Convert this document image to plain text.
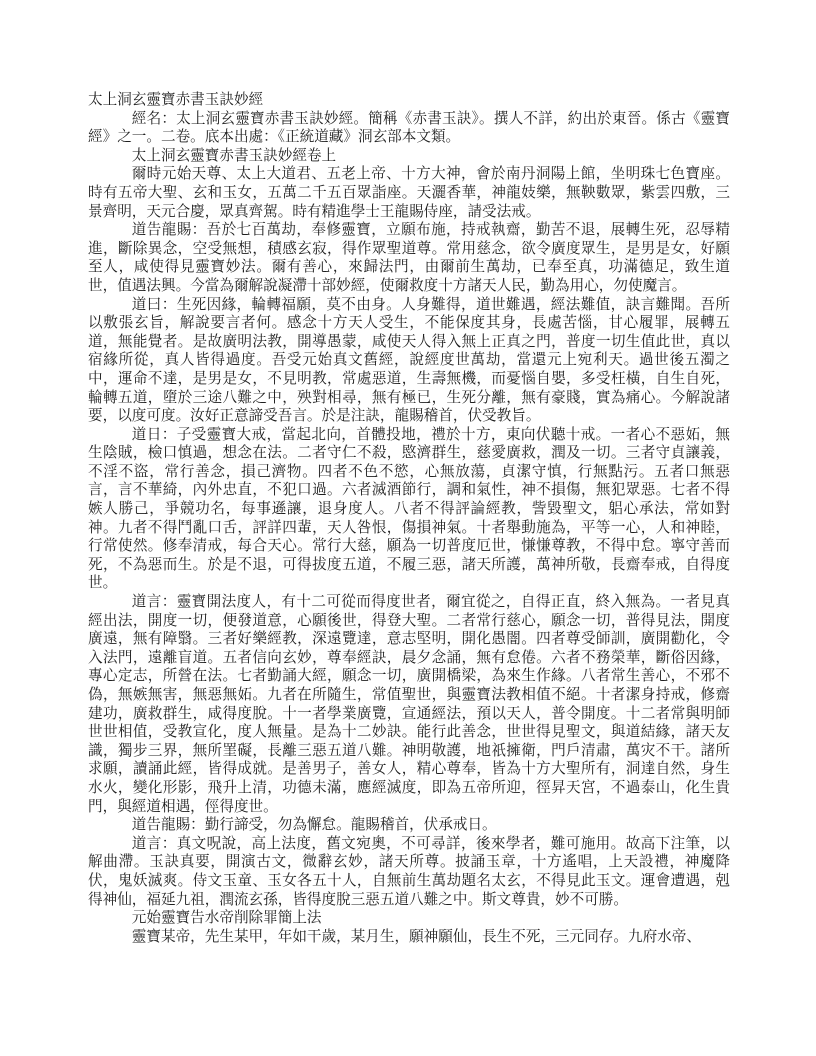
太上洞玄靈寶赤書玉訣妙經

經名：太上洞玄靈寶赤書玉訣妙經。簡稱《赤書玉訣》。撰人不詳，約出於東晉。係古《靈寶經》之一。二卷。底本出處：《正統道藏》洞玄部本文類。

太上洞玄靈寶赤書玉訣妙經卷上

爾時元始天尊、太上大道君、五老上帝、十方大神，會於南丹洞陽上館，坐明珠七色寶座。時有五帝大聖、玄和玉女，五萬二千五百眾詣座。天灑香華，神龍妓樂，無鞅數眾，紫雲四敷，三景齊明，天元合慶，眾真齊駕。時有精進學士王龍賜侍座，請受法戒。

道告龍賜：吾於七百萬劫，奉修靈寶，立願布施，持戒執齋，勤苦不退，展轉生死，忍辱精進，斷除異念，空受無想，積感玄寂，得作眾聖道尊。常用慈念，欲令廣度眾生，是男是女，好願至人，咸使得見靈寶妙法。爾有善心，來歸法門，由爾前生萬劫，已奉至真，功滿德足，致生道世，值遇法興。今當為爾解說凝滯十部妙經，使爾救度十方諸天人民，勤為用心，勿使魔言。

道曰：生死因緣，輪轉福願，莫不由身。人身難得，道世難遇，經法難值，訣言難聞。吾所以敷張玄旨，解說要言者何。感念十方天人受生，不能保度其身，長處苦惱，甘心履罪，展轉五道，無能覺者。是故廣明法教，開導愚蒙，咸使天人得入無上正真之門，普度一切生值此世，真以宿緣所從，真人皆得過度。吾受元始真文舊經，說經度世萬劫，當還元上宛利天。過世後五濁之中，運命不達，是男是女，不見明教，常處惡道，生壽無機，而憂惱自嬰，多受枉橫，自生自死，輪轉五道，墮於三途八難之中，殃對相尋，無有極已，生死分離，無有豪賤，實為痛心。今解說諸要，以度可度。汝好正意諦受吾言。於是注訣，龍賜稽首，伏受教旨。

道日：子受靈寶大戒，當起北向，首體投地，禮於十方，東向伏聽十戒。一者心不惡妬，無生陰賊，檢口慎過，想念在法。二者守仁不殺，愍濟群生，慈愛廣救，潤及一切。三者守貞讓義，不淫不盜，常行善念，損己濟物。四者不色不慾，心無放蕩，貞潔守慎，行無點污。五者口無惡言，言不華綺，內外忠直，不犯口過。六者滅酒節行，調和氣性，神不損傷，無犯眾惡。七者不得嫉人勝己，爭競功名，每事遜讓，退身度人。八者不得評論經教，訾毀聖文，躳心承法，常如對神。九者不得鬥亂口舌，評詳四輩，天人咎恨，傷損神氣。十者舉動施為，平等一心，人和神睦，行常使然。修奉清戒，每合天心。常行大慈，願為一切普度厄世，慊慊尊教，不得中怠。寧守善而死，不為惡而生。於是不退，可得拔度五道，不履三惡，諸天所護，萬神所敬，長齋奉戒，自得度世。

道言：靈寶開法度人，有十二可從而得度世者，爾宜從之，自得正直，終入無為。一者見真經出法，開度一切，便發道意，心願後世，得登大聖。二者常行慈心，願念一切，普得見法，開度廣遠，無有障翳。三者好樂經教，深遠覽達，意志堅明，開化愚闇。四者尊受師訓，廣開勸化，令入法門，遠離盲道。五者信向玄妙，尊奉經訣，晨夕念誦，無有怠倦。六者不務榮華，斷俗因緣，專心定志，所營在法。七者勤誦大經，願念一切，廣開橋梁，為來生作緣。八者常生善心，不邪不偽，無嫉無害，無惡無妬。九者在所隨生，常值聖世，與靈寶法教相值不絕。十者潔身持戒，修齋建功，廣救群生，咸得度脫。十一者學業廣覽，宣通經法，預以天人，普令開度。十二者常與明師世世相值，受教宣化，度人無量。是為十二妙訣。能行此善念，世世得見聖文，與道結緣，諸天友識，獨步三界，無所罣礙，長離三惡五道八難。神明敬護，地祇擁衛，門戶清肅，萬灾不干。諸所求願，讀誦此經，皆得成就。是善男子，善女人，精心尊奉，皆為十方大聖所有，洞達自然，身生水火，變化形影，飛升上清，功德未滿，應經滅度，即為五帝所迎，徑昇天宮，不過泰山，化生貴門，與經道相遇，俓得度世。

道告龍賜：勤行諦受，勿為懈怠。龍賜稽首，伏承戒日。

道言：真文呪說，高上法度，舊文宛奧，不可尋詳，後來學者，難可施用。故高下注筆，以解曲滯。玉訣真要，開演古文，微辭玄妙，諸天所尊。披誦玉章，十方遙唱，上天設禮，神魔降伏，鬼妖滅爽。侍文玉童、玉女各五十人，自無前生萬劫題名太玄，不得見此玉文。運會遭遇，剋得神仙，福延九祖，潤流玄孫，皆得度脫三惡五道八難之中。斯文尊貴，妙不可勝。

元始靈寶告水帝削除罪簡上法

靈寶某帝，先生某甲，年如干歲，某月生，願神願仙，長生不死，三元同存。九府水帝、
